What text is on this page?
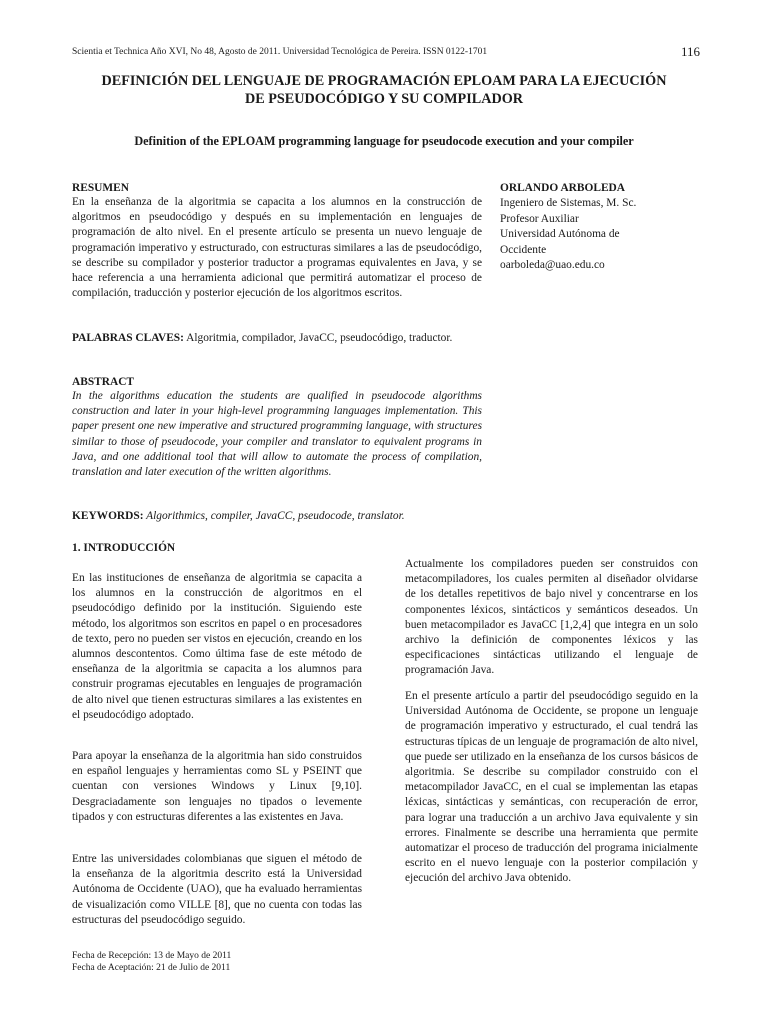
Scientia et Technica Año XVI, No 48, Agosto de 2011. Universidad Tecnológica de Pereira. ISSN 0122-1701	116
DEFINICIÓN DEL LENGUAJE DE PROGRAMACIÓN EPLOAM PARA LA EJECUCIÓN
DE PSEUDOCÓDIGO Y SU COMPILADOR
Definition of the EPLOAM programming language for pseudocode execution and your compiler
RESUMEN
En la enseñanza de la algoritmia se capacita a los alumnos en la construcción de algoritmos en pseudocódigo y después en su implementación en lenguajes de programación de alto nivel. En el presente artículo se presenta un nuevo lenguaje de programación imperativo y estructurado, con estructuras similares a las de pseudocódigo, se describe su compilador y posterior traductor a programas equivalentes en Java, y se hace referencia a una herramienta adicional que permitirá automatizar el proceso de compilación, traducción y posterior ejecución de los algoritmos escritos.
ORLANDO ARBOLEDA
Ingeniero de Sistemas, M. Sc.
Profesor Auxiliar
Universidad Autónoma de
Occidente
oarboleda@uao.edu.co
PALABRAS CLAVES: Algoritmia, compilador, JavaCC, pseudocódigo, traductor.
ABSTRACT
In the algorithms education the students are qualified in pseudocode algorithms construction and later in your high-level programming languages implementation. This paper present one new imperative and structured programming language, with structures similar to those of pseudocode, your compiler and translator to equivalent programs in Java, and one additional tool that will allow to automate the process of compilation, translation and later execution of the written algorithms.
KEYWORDS: Algorithmics, compiler, JavaCC, pseudocode, translator.
1. INTRODUCCIÓN
En las instituciones de enseñanza de algoritmia se capacita a los alumnos en la construcción de algoritmos en el pseudocódigo definido por la institución. Siguiendo este método, los algoritmos son escritos en papel o en procesadores de texto, pero no pueden ser vistos en ejecución, creando en los alumnos descontentos. Como última fase de este método de enseñanza de la algoritmia se capacita a los alumnos para construir programas ejecutables en lenguajes de programación de alto nivel que tienen estructuras similares a las existentes en el pseudocódigo adoptado.
Para apoyar la enseñanza de la algoritmia han sido construidos en español lenguajes y herramientas como SL y PSEINT que cuentan con versiones Windows y Linux [9,10]. Desgraciadamente son lenguajes no tipados o levemente tipados y con estructuras diferentes a las existentes en Java.
Entre las universidades colombianas que siguen el método de la enseñanza de la algoritmia descrito está la Universidad Autónoma de Occidente (UAO), que ha evaluado herramientas de visualización como VILLE [8], que no cuenta con todas las estructuras del pseudocódigo seguido.
Actualmente los compiladores pueden ser construidos con metacompiladores, los cuales permiten al diseñador olvidarse de los detalles repetitivos de bajo nivel y concentrarse en los componentes léxicos, sintácticos y semánticos deseados. Un buen metacompilador es JavaCC [1,2,4] que integra en un solo archivo la definición de componentes léxicos y las especificaciones sintácticas utilizando el lenguaje de programación Java.
En el presente artículo a partir del pseudocódigo seguido en la Universidad Autónoma de Occidente, se propone un lenguaje de programación imperativo y estructurado, el cual tendrá las estructuras típicas de un lenguaje de programación de alto nivel, que puede ser utilizado en la enseñanza de los cursos básicos de algoritmia. Se describe su compilador construido con el metacompilador JavaCC, en el cual se implementan las etapas léxicas, sintácticas y semánticas, con recuperación de error, para lograr una traducción a un archivo Java equivalente y sin errores. Finalmente se describe una herramienta que permite automatizar el proceso de traducción del programa inicialmente escrito en el nuevo lenguaje con la posterior compilación y ejecución del archivo Java obtenido.
Fecha de Recepción: 13 de Mayo de 2011
Fecha de Aceptación: 21 de Julio de 2011
